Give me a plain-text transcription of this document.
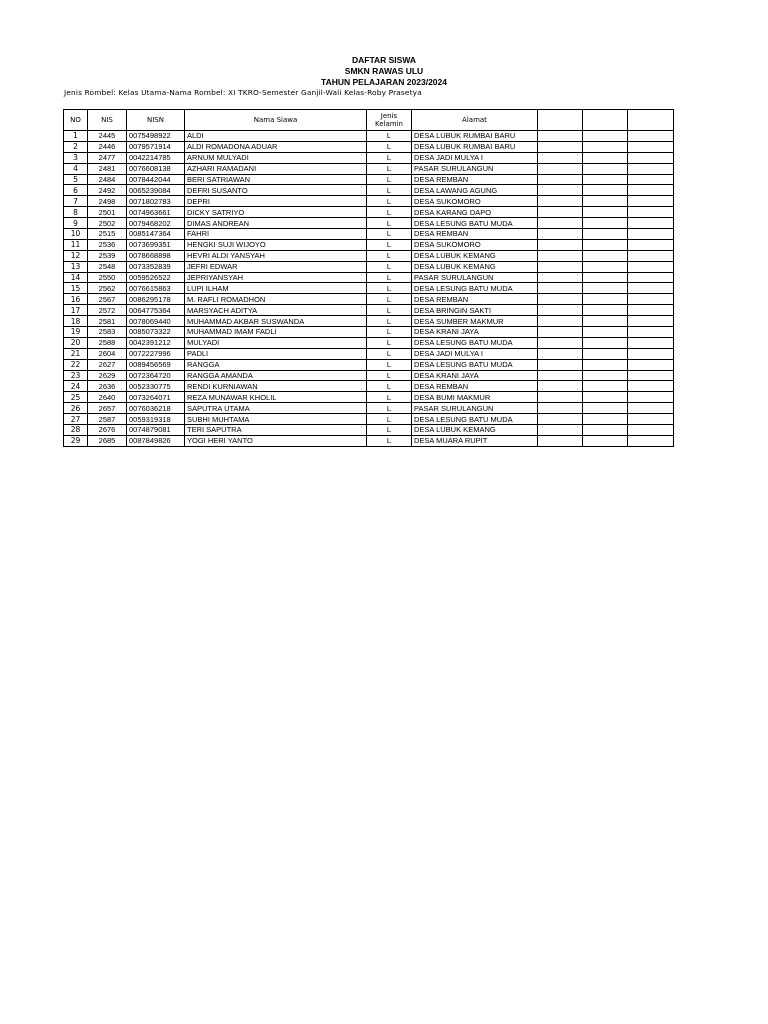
DAFTAR SISWA
SMKN RAWAS ULU
TAHUN PELAJARAN 2023/2024
Jenis Rombel: Kelas Utama-Nama Rombel: XI TKRO-Semester Ganjil-Wali Kelas-Roby Prasetya
NO	NIS	NISN	Nama Siawa	Jenis
Kelamin	Alamat			
1	2445	0075498922	ALDI	L	DESA LUBUK RUMBAI BARU			
2	2446	0079571914	ALDI ROMADONA ADUAR	L	DESA LUBUK RUMBAI BARU			
3	2477	0042214785	ARNUM MULYADI	L	DESA JADI MULYA I			
4	2481	0076608138	AZHARI RAMADANI	L	PASAR SURULANGUN			
5	2484	0078442044	BERI SATRIAWAN	L	DESA REMBAN			
6	2492	0065239084	DEFRI SUSANTO	L	DESA LAWANG AGUNG			
7	2498	0071802783	DEPRI	L	DESA SUKOMORO			
8	2501	0074963661	DICKY SATRIYO	L	DESA KARANG DAPO			
9	2502	0079468202	DIMAS ANDREAN	L	DESA LESUNG BATU MUDA			
10	2515	0085147364	FAHRI	L	DESA REMBAN			
11	2536	0073699351	HENGKI SUJI WIJOYO	L	DESA SUKOMORO			
12	2539	0078668898	HEVRI ALDI YANSYAH	L	DESA LUBUK KEMANG			
13	2548	0073352839	JEFRI EDWAR	L	DESA LUBUK KEMANG			
14	2550	0059526522	JEPRIYANSYAH	L	PASAR SURULANGUN			
15	2562	0076615863	LUPI ILHAM	L	DESA LESUNG BATU MUDA			
16	2567	0086295178	M. RAFLI ROMADHON	L	DESA REMBAN			
17	2572	0064775364	MARSYACH ADITYA	L	DESA BRINGIN SAKTI			
18	2581	0078069440	MUHAMMAD AKBAR SUSWANDA	L	DESA SUMBER MAKMUR			
19	2583	0085073322	MUHAMMAD IMAM FADLI	L	DESA KRANI JAYA			
20	2588	0042391212	MULYADI	L	DESA LESUNG BATU MUDA			
21	2604	0072227996	PADLI	L	DESA JADI MULYA I			
22	2627	0089456569	RANGGA	L	DESA LESUNG BATU MUDA			
23	2629	0072364720	RANGGA AMANDA	L	DESA KRANI JAYA			
24	2636	0052330775	RENDI KURNIAWAN	L	DESA REMBAN			
25	2640	0073264071	REZA MUNAWAR KHOLIL	L	DESA BUMI MAKMUR			
26	2657	0076036218	SAPUTRA UTAMA	L	PASAR SURULANGUN			
27	2587	0059319318	SUBHI MUHTAMA	L	DESA LESUNG BATU MUDA			
28	2676	0074879081	TERI SAPUTRA	L	DESA LUBUK KEMANG			
29	2685	0087849826	YOGI HERI YANTO	L	DESA MUARA RUPIT			
